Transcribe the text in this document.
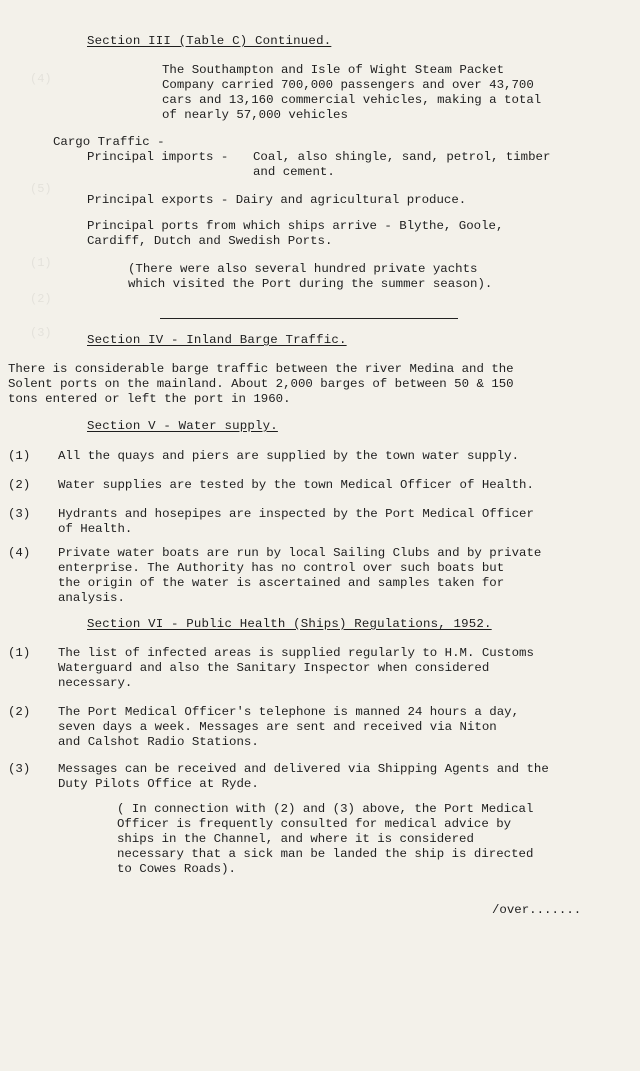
(4)
(5)
(1)
(2)
(3)
Section III (Table C) Continued.
The Southampton and Isle of Wight Steam Packet
Company carried 700,000 passengers and over 43,700
cars and 13,160 commercial vehicles, making a total
of nearly 57,000 vehicles
Cargo Traffic -
Principal imports - Coal, also shingle, sand, petrol, timber
and cement.
Principal exports - Dairy and agricultural produce.
Principal ports from which ships arrive - Blythe, Goole,
Cardiff, Dutch and Swedish Ports.
(There were also several hundred private yachts
which visited the Port during the summer season).
Section IV - Inland Barge Traffic.
There is considerable barge traffic between the river Medina and the
Solent ports on the mainland. About 2,000 barges of between 50 & 150
tons entered or left the port in 1960.
Section V - Water supply.
(1) All the quays and piers are supplied by the town water supply.
(2) Water supplies are tested by the town Medical Officer of Health.
(3) Hydrants and hosepipes are inspected by the Port Medical Officer
of Health.
(4) Private water boats are run by local Sailing Clubs and by private
enterprise. The Authority has no control over such boats but
the origin of the water is ascertained and samples taken for
analysis.
Section VI - Public Health (Ships) Regulations, 1952.
(1) The list of infected areas is supplied regularly to H.M. Customs
Waterguard and also the Sanitary Inspector when considered
necessary.
(2) The Port Medical Officer's telephone is manned 24 hours a day,
seven days a week. Messages are sent and received via Niton
and Calshot Radio Stations.
(3) Messages can be received and delivered via Shipping Agents and the
Duty Pilots Office at Ryde.
( In connection with (2) and (3) above, the Port Medical
Officer is frequently consulted for medical advice by
ships in the Channel, and where it is considered
necessary that a sick man be landed the ship is directed
to Cowes Roads).
/over.......
